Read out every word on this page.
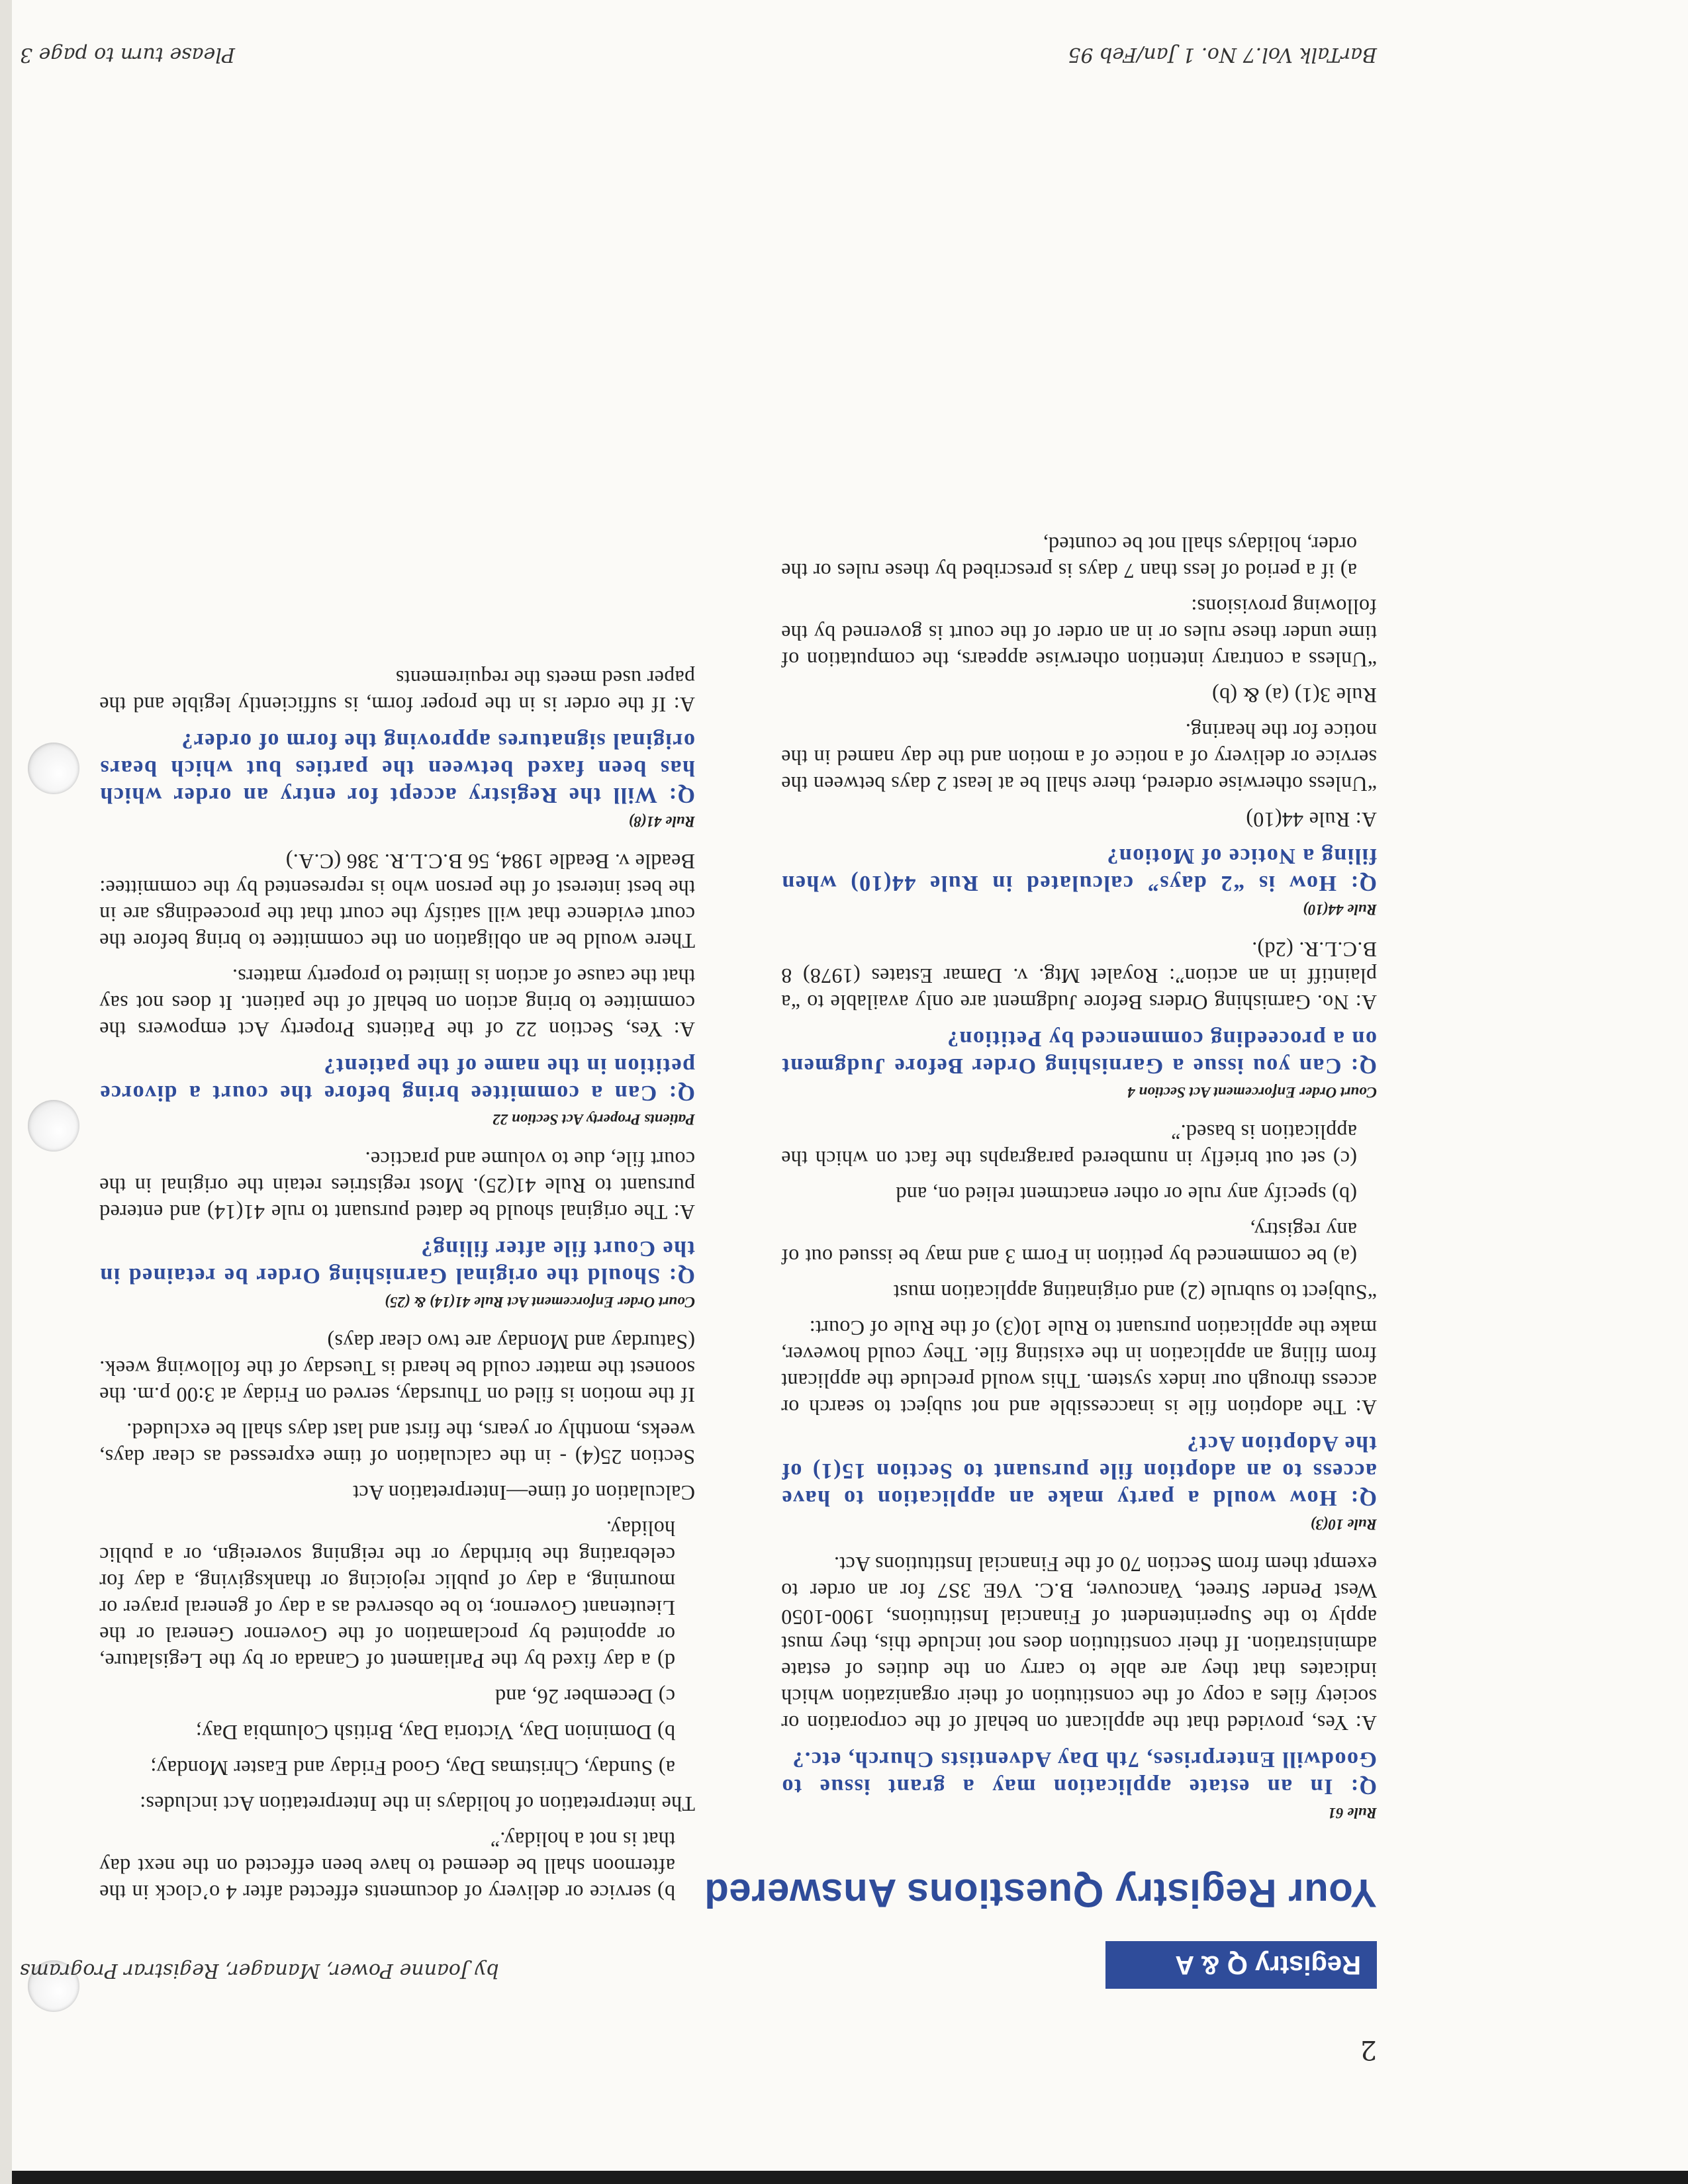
2
Registry Q & A
by Joanne Power, Manager, Registrar Programs
Your Registry Questions Answered
Rule 61
Q: In an estate application may a grant issue to Goodwill Enterprises, 7th Day Adventists Church, etc.?
A: Yes, provided that the applicant on behalf of the corporation or society files a copy of the constitution of their organization which indicates that they are able to carry on the duties of estate administration. If their constitution does not include this, they must apply to the Superintendent of Financial Institutions, 1900-1050 West Pender Street, Vancouver, B.C. V6E 3S7 for an order to exempt them from Section 70 of the Financial Institutions Act.
Rule 10(3)
Q: How would a party make an application to have access to an adoption file pursuant to Section 15(1) of the Adoption Act?
A: The adoption file is inaccessible and not subject to search or access through our index system. This would preclude the applicant from filing an application in the existing file. They could however, make the application pursuant to Rule 10(3) of the Rule of Court:
“Subject to subrule (2) and originating application must
(a) be commenced by petition in Form 3 and may be issued out of any registry,
(b) specify any rule or other enactment relied on, and
(c) set out briefly in numbered paragraphs the fact on which the application is based.”
Court Order Enforcement Act Section 4
Q: Can you issue a Garnishing Order Before Judgment on a proceeding commenced by Petition?
A: No. Garnishing Orders Before Judgment are only available to “a plaintiff in an action”: Royalet Mtg. v. Damar Estates (1978) 8 B.C.L.R. (2d).
Rule 44(10)
Q: How is “2 days” calculated in Rule 44(10) when filing a Notice of Motion?
A: Rule 44(10)
“Unless otherwise ordered, there shall be at least 2 days between the service or delivery of a notice of a motion and the day named in the notice for the hearing.
Rule 3(1) (a) & (b)
“Unless a contrary intention otherwise appears, the computation of time under these rules or in an order of the court is governed by the following provisions:
a) if a period of less than 7 days is prescribed by these rules or the order, holidays shall not be counted,
b) service or delivery of documents effected after 4 o’clock in the afternoon shall be deemed to have been effected on the next day that is not a holiday.”
The interpretation of holidays in the Interpretation Act includes:
a) Sunday, Christmas Day, Good Friday and Easter Monday;
b) Dominion Day, Victoria Day, British Columbia Day;
c) December 26, and
d) a day fixed by the Parliament of Canada or by the Legislature, or appointed by proclamation of the Governor General or the Lieutenant Governor, to be observed as a day of general prayer or mourning, a day of public rejoicing or thanksgiving, a day for celebrating the birthday or the reigning sovereign, or a public holiday.
Calculation of time—Interpretation Act
Section 25(4) - in the calculation of time expressed as clear days, weeks, monthly or years, the first and last days shall be excluded.
If the motion is filed on Thursday, served on Friday at 3:00 p.m. the soonest the matter could be heard is Tuesday of the following week. (Saturday and Monday are two clear days)
Court Order Enforcement Act Rule 41(14) & (25)
Q: Should the original Garnishing Order be retained in the Court file after filing?
A: The original should be dated pursuant to rule 41(14) and entered pursuant to Rule 41(25). Most registries retain the original in the court file, due to volume and practice.
Patients Property Act Section 22
Q: Can a committee bring before the court a divorce petition in the name of the patient?
A: Yes, Section 22 of the Patients Property Act empowers the committee to bring action on behalf of the patient. It does not say that the cause of action is limited to property matters.
There would be an obligation on the committee to bring before the court evidence that will satisfy the court that the proceedings are in the best interest of the person who is represented by the committee: Beadle v. Beadle 1984, 56 B.C.L.R. 386 (C.A.)
Rule 41(8)
Q: Will the Registry accept for entry an order which has been faxed between the parties but which bears original signatures approving the form of order?
A: If the order is in the proper form, is sufficiently legible and the paper used meets the requirements
BarTalk Vol.7 No. 1 Jan/Feb 95
Please turn to page 3
